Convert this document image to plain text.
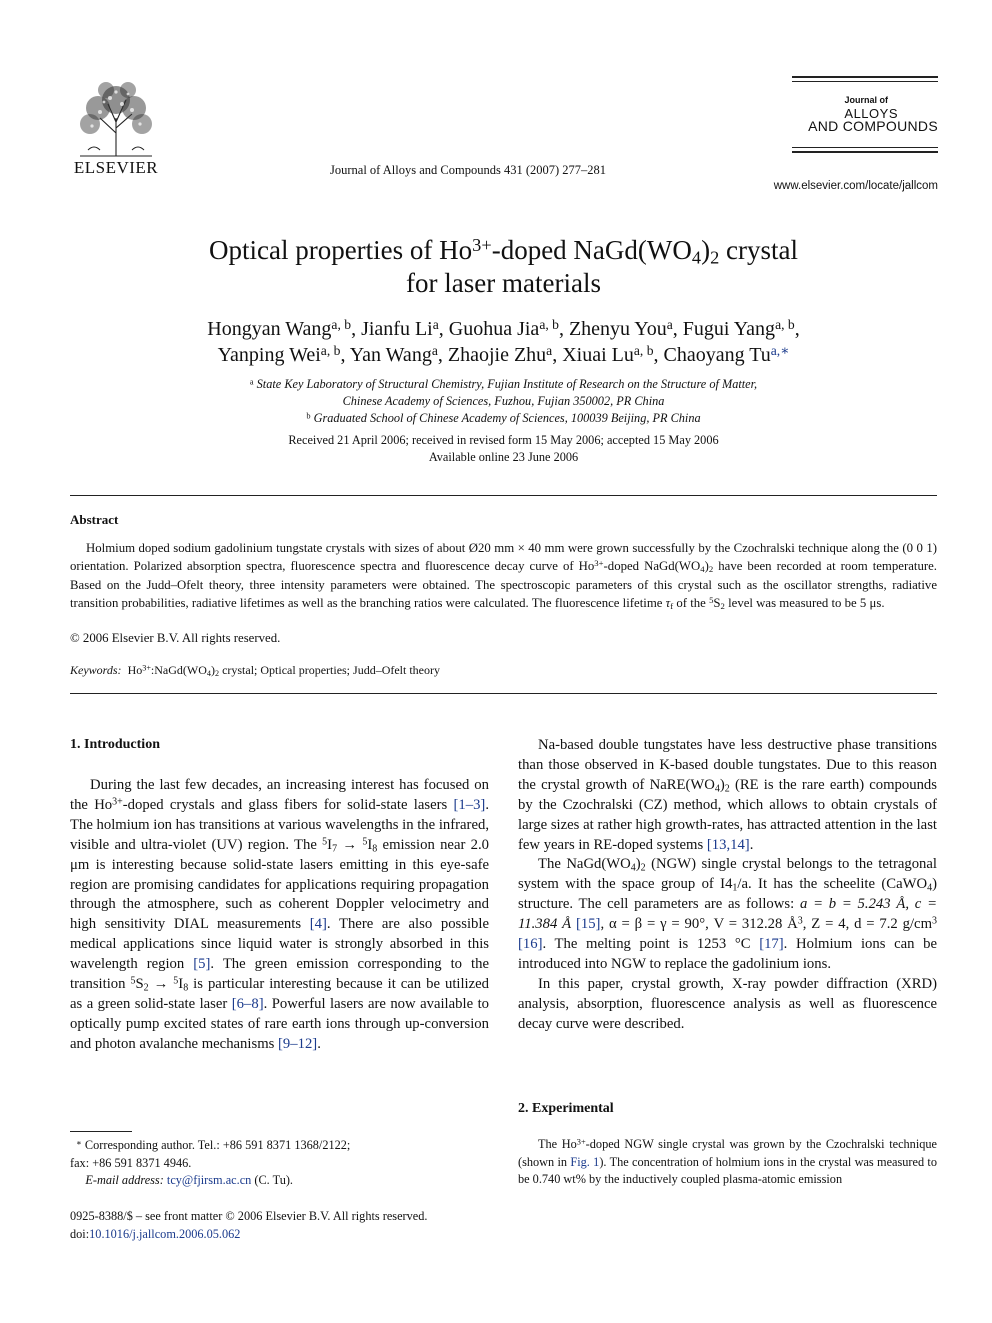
ELSEVIER	Journal of Alloys and Compounds 431 (2007) 277–281
Journal of
ALLOYS
AND COMPOUNDS
www.elsevier.com/locate/jallcom
Optical properties of $Ho^{3+}$-doped $NaGd(WO_4)_2$ crystal
for laser materials
Hongyan Wang$^{a, b}$, Jianfu Li$^a$, Guohua Jia$^{a, b}$, Zhenyu You$^a$, Fugui Yang$^{a, b}$,
Yanping Wei$^{a, b}$, Yan Wang$^a$, Zhaojie Zhu$^a$, Xiuai Lu$^{a, b}$, Chaoyang $Tu^{a,∗}$
$^a$ State Key Laboratory of Structural Chemistry, Fujian Institute of Research on the Structure of Matter,
Chinese Academy of Sciences, Fuzhou, Fujian 350002, PR China
$^b$ Graduated School of Chinese Academy of Sciences, 100039 Beijing, PR China
Received 21 April 2006; received in revised form 15 May 2006; accepted 15 May 2006
Available online 23 June 2006
Abstract

Holmium doped sodium gadolinium tungstate crystals with sizes of about Ø20 mm × 40 mm were grown successfully by the Czochralski technique along the (0 0 1) orientation. Polarized absorption spectra, fluorescence spectra and fluorescence decay curve of $Ho^{3+}$-doped $NaGd(WO_4)_2$ have been recorded at room temperature. Based on the Judd–Ofelt theory, three intensity parameters were obtained. The spectroscopic parameters of this crystal such as the oscillator strengths, radiative transition probabilities, radiative lifetimes as well as the branching ratios were calculated. The fluorescence lifetime $\tau_f$ of the $^5S_2$ level was measured to be 5 μs.

© 2006 Elsevier B.V. All rights reserved.
Keywords: $Ho^{3+}:NaGd(WO_4)_2$ crystal; Optical properties; Judd–Ofelt theory
1. Introduction

During the last few decades, an increasing interest has focused on the $Ho^{3+}$-doped crystals and glass fibers for solid-state lasers [1–3]. The holmium ion has transitions at various wavelengths in the infrared, visible and ultra-violet (UV) region. The $^5I_7 \to ^5I_8$ emission near 2.0 μm is interesting because solid-state lasers emitting in this eye-safe region are promising candidates for applications requiring propagation through the atmosphere, such as coherent Doppler velocimetry and high sensitivity DIAL measurements [4]. There are also possible medical applications since liquid water is strongly absorbed in this wavelength region [5]. The green emission corresponding to the transition $^5S_2 \to ^5I_8$ is particular interesting because it can be utilized as a green solid-state laser [6–8]. Powerful lasers are now available to optically pump excited states of rare earth ions through up-conversion and photon avalanche mechanisms [9–12].

∗ Corresponding author. Tel.: +86 591 8371 1368/2122;
fax: +86 591 8371 4946.
E-mail address: tcy@fjirsm.ac.cn (C. Tu).
0925-8388/$ – see front matter © 2006 Elsevier B.V. All rights reserved.
doi:10.1016/j.jallcom.2006.05.062

Na-based double tungstates have less destructive phase transitions than those observed in K-based double tungstates. Due to this reason the crystal growth of $NaRE(WO_4)_2$ (RE is the rare earth) compounds by the Czochralski (CZ) method, which allows to obtain crystals of large sizes at rather high growth-rates, has attracted attention in the last few years in RE-doped systems [13,14].

The $NaGd(WO_4)_2$ (NGW) single crystal belongs to the tetragonal system with the space group of $I4_1/a$. It has the scheelite (CaWO$_4$) structure. The cell parameters are as follows: a = b = 5.243 Å, c = 11.384 Å [15], α = β = γ = 90°, V = 312.28 $Å^3$, Z = 4, d = 7.2 $g/cm^3$ [16]. The melting point is 1253 °C [17]. Holmium ions can be introduced into NGW to replace the gadolinium ions.

In this paper, crystal growth, X-ray powder diffraction (XRD) analysis, absorption, fluorescence analysis as well as fluorescence decay curve were described.

2. Experimental

The $Ho^{3+}$-doped NGW single crystal was grown by the Czochralski technique (shown in Fig. 1). The concentration of holmium ions in the crystal was measured to be 0.740 wt% by the inductively coupled plasma-atomic emission
